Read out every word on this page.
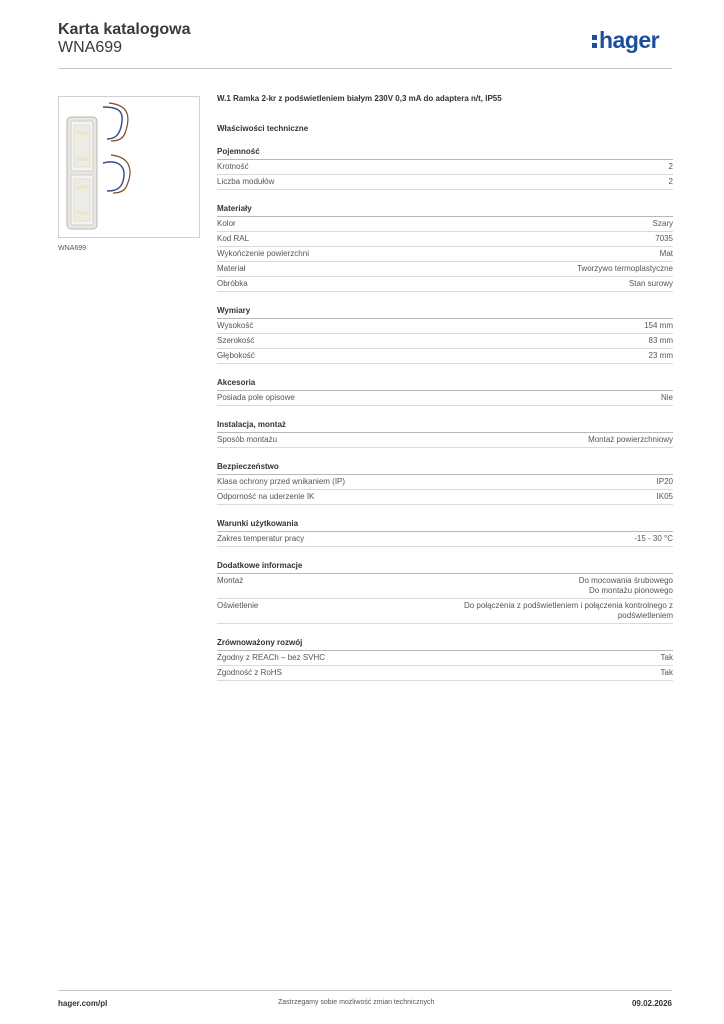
Karta katalogowa
WNA699	hager
WNA699
W.1 Ramka 2-kr z podświetleniem białym 230V 0,3 mA do adaptera n/t, IP55
Właściwości techniczne
Pojemność
Krotność	2
Liczba modułów	2
Materiały
Kolor	Szary
Kod RAL	7035
Wykończenie powierzchni	Mat
Materiał	Tworzywo termoplastyczne
Obróbka	Stan surowy
Wymiary
Wysokość	154 mm
Szerokość	83 mm
Głębokość	23 mm
Akcesoria
Posiada pole opisowe	Nie
Instalacja, montaż
Sposób montażu	Montaż powierzchniowy
Bezpieczeństwo
Klasa ochrony przed wnikaniem (IP)	IP20
Odporność na uderzenie IK	IK05
Warunki użytkowania
Zakres temperatur pracy	-15 - 30 °C
Dodatkowe informacje
Montaż	Do mocowania śrubowego
Do montażu pionowego
Oświetlenie	Do połączenia z podświetleniem i połączenia kontrolnego z
podświetleniem
Zrównoważony rozwój
Zgodny z REACh – bez SVHC	Tak
Zgodność z RoHS	Tak
hager.com/pl	Zastrzegamy sobie możliwość zmian technicznych	09.02.2026
